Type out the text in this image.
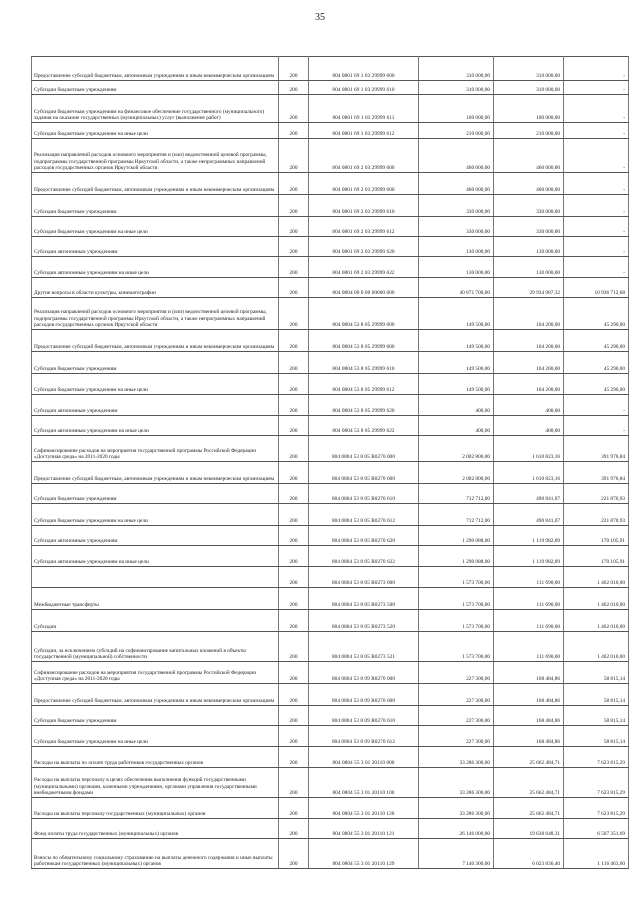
35
Предоставление субсидий бюджетным, автономным учреждениям и иным некоммерческим организациям	200	804 0801 69 1 03 29999 600	310 000,00	310 000,00	-
Субсидии бюджетным учреждениям	200	804 0801 69 1 03 29999 610	310 000,00	310 000,00	-
Субсидии бюджетным учреждениям на финансовое обеспечение государственного (муниципального) задания на оказание государственных (муниципальных) услуг (выполнение работ)	200	804 0801 69 1 03 29999 611	100 000,00	100 000,00	-
Субсидии бюджетным учреждениям на иные цели	200	804 0801 69 1 03 29999 612	210 000,00	210 000,00	-
Реализация направлений расходов основного мероприятия и (или) ведомственной целевой программы, подпрограммы государственной программы Иркутской области, а также непрограммных направлений расходов государственных органов Иркутской области	200	804 0801 69 2 03 29999 000	460 000,00	460 000,00	-
Предоставление субсидий бюджетным, автономным учреждениям и иным некоммерческим организациям	200	804 0801 69 2 03 29999 600	460 000,00	460 000,00	-
Субсидии бюджетным учреждениям	200	804 0801 69 2 03 29999 610	330 000,00	330 000,00	-
Субсидии бюджетным учреждениям на иные цели	200	804 0801 69 2 03 29999 612	330 000,00	330 000,00	-
Субсидии автономным учреждениям	200	804 0801 69 2 03 29999 620	130 000,00	130 000,00	-
Субсидии автономным учреждениям на иные цели	200	804 0801 69 2 03 29999 622	130 000,00	130 000,00	-
Другие вопросы в области культуры, кинематографии	200	804 0804 00 0 00 00000 000	40 871 700,00	29 934 987,32	10 936 712,68
Реализация направлений расходов основного мероприятия и (или) ведомственной целевой программы, подпрограммы государственной программы Иркутской области, а также непрограммных направлений расходов государственных органов Иркутской области	200	804 0804 53 8 05 29999 000	149 500,00	104 200,00	45 290,00
Предоставление субсидий бюджетным, автономным учреждениям и иным некоммерческим организациям	200	804 0804 53 8 05 29999 600	149 500,00	104 200,00	45 290,00
Субсидии бюджетным учреждениям	200	804 0804 53 8 05 29999 610	149 500,00	104 200,00	45 290,00
Субсидии бюджетным учреждениям на иные цели	200	804 0804 53 8 05 29999 612	149 500,00	104 200,00	45 290,00
Субсидии автономным учреждениям	200	804 0804 53 8 05 29999 620	400,00	400,00	-
Субсидии автономным учреждениям на иные цели	200	804 0804 53 8 05 29999 622	400,00	400,00	-
Софинансирование расходов на мероприятия государственной программы Российской Федерации «Доступная среда» на 2011-2020 годы	200	804 0804 53 8 05 R0270 000	2 002 800,00	1 610 823,16	391 976,84
Предоставление субсидий бюджетным, автономным учреждениям и иным некоммерческим организациям	200	804 0804 53 8 05 R0270 600	2 002 800,00	1 610 823,16	391 976,84
Субсидии бюджетным учреждениям	200	804 0804 53 8 05 R0270 610	712 712,00	490 841,07	221 870,93
Субсидии бюджетным учреждениям на иные цели	200	804 0804 53 8 05 R0270 612	712 712,00	490 841,07	221 870,93
Субсидии автономным учреждениям	200	804 0804 53 8 05 R0270 620	1 290 088,00	1 119 982,09	170 105,91
Субсидии автономным учреждениям на иные цели	200	804 0804 53 8 05 R0270 622	1 290 088,00	1 119 982,09	170 105,91
	200	804 0804 53 8 05 R0273 000	1 573 700,00	111 690,00	1 462 010,00
Межбюджетные трансферты	200	804 0804 53 8 05 R0273 500	1 573 700,00	111 690,00	1 462 010,00
Субсидии	200	804 0804 53 8 05 R0273 520	1 573 700,00	111 690,00	1 462 010,00
Субсидии, за исключением субсидий на софинансирование капитальных вложений в объекты государственной (муниципальной) собственности	200	804 0804 53 8 05 R0273 521	1 573 700,00	111 690,00	1 462 010,00
Софинансирование расходов на мероприятия государственной программы Российской Федерации «Доступная среда» на 2011-2020 годы	200	804 0804 53 8 09 R0270 000	227 300,00	168 484,86	58 815,14
Предоставление субсидий бюджетным, автономным учреждениям и иным некоммерческим организациям	200	804 0804 53 8 09 R0270 600	227 300,00	168 484,86	58 815,14
Субсидии бюджетным учреждениям	200	804 0804 53 8 09 R0270 610	227 300,00	168 484,86	58 815,14
Субсидии бюджетным учреждениям на иные цели	200	804 0804 53 8 09 R0270 612	227 300,00	168 484,86	58 815,14
Расходы на выплаты по оплате труда работников государственных органов	200	804 0804 55 3 01 20110 000	33 286 300,00	25 662 484,71	7 623 815,29
Расходы на выплаты персоналу в целях обеспечения выполнения функций государственными (муниципальными) органами, казенными учреждениями, органами управления государственными внебюджетными фондами	200	804 0804 55 3 01 20110 100	33 286 300,00	25 662 484,71	7 623 815,29
Расходы на выплаты персоналу государственных (муниципальных) органов	200	804 0804 55 3 01 20110 120	33 286 300,00	25 662 484,71	7 623 815,29
Фонд оплаты труда государственных (муниципальных) органов	200	804 0804 55 3 01 20110 121	26 146 000,00	19 638 648,31	6 507 351,69
Взносы по обязательному социальному страхованию на выплаты денежного содержания и иные выплаты работникам государственных (муниципальных) органов	200	804 0804 55 3 01 20110 129	7 140 300,00	6 023 836,40	1 116 463,60
